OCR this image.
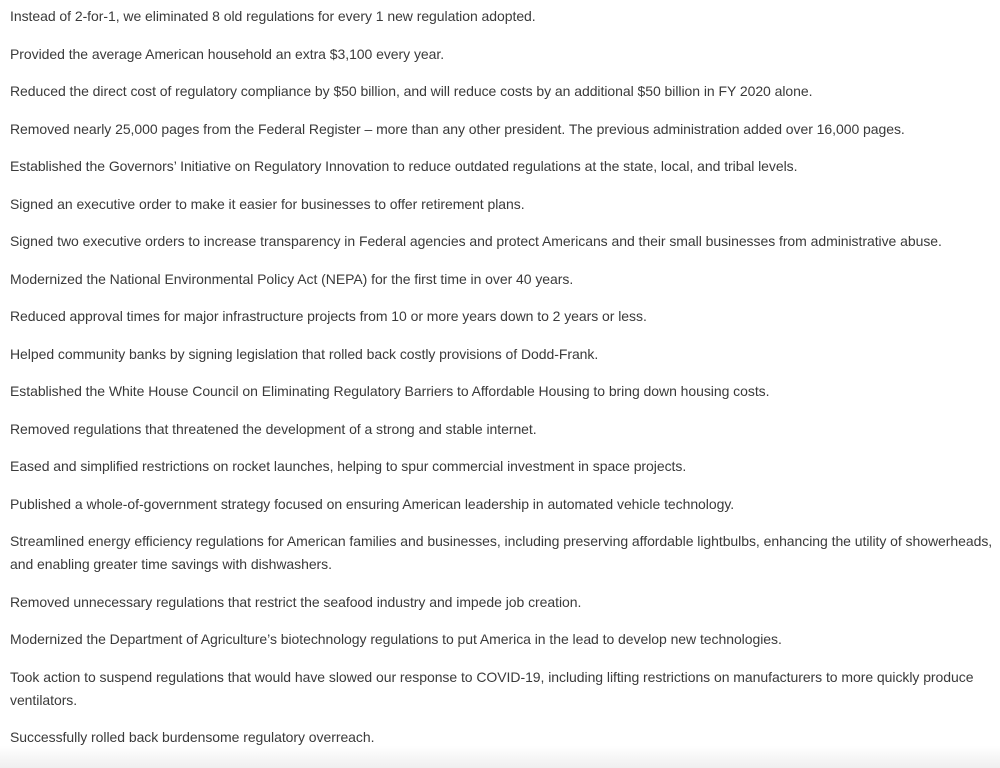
Instead of 2-for-1, we eliminated 8 old regulations for every 1 new regulation adopted.

Provided the average American household an extra $3,100 every year.

Reduced the direct cost of regulatory compliance by $50 billion, and will reduce costs by an additional $50 billion in FY 2020 alone.

Removed nearly 25,000 pages from the Federal Register – more than any other president. The previous administration added over 16,000 pages.

Established the Governors’ Initiative on Regulatory Innovation to reduce outdated regulations at the state, local, and tribal levels.

Signed an executive order to make it easier for businesses to offer retirement plans.

Signed two executive orders to increase transparency in Federal agencies and protect Americans and their small businesses from administrative abuse.

Modernized the National Environmental Policy Act (NEPA) for the first time in over 40 years.

Reduced approval times for major infrastructure projects from 10 or more years down to 2 years or less.

Helped community banks by signing legislation that rolled back costly provisions of Dodd-Frank.

Established the White House Council on Eliminating Regulatory Barriers to Affordable Housing to bring down housing costs.

Removed regulations that threatened the development of a strong and stable internet.

Eased and simplified restrictions on rocket launches, helping to spur commercial investment in space projects.

Published a whole-of-government strategy focused on ensuring American leadership in automated vehicle technology.

Streamlined energy efficiency regulations for American families and businesses, including preserving affordable lightbulbs, enhancing the utility of showerheads, and enabling greater time savings with dishwashers.

Removed unnecessary regulations that restrict the seafood industry and impede job creation.

Modernized the Department of Agriculture’s biotechnology regulations to put America in the lead to develop new technologies.

Took action to suspend regulations that would have slowed our response to COVID-19, including lifting restrictions on manufacturers to more quickly produce ventilators.

Successfully rolled back burdensome regulatory overreach.
